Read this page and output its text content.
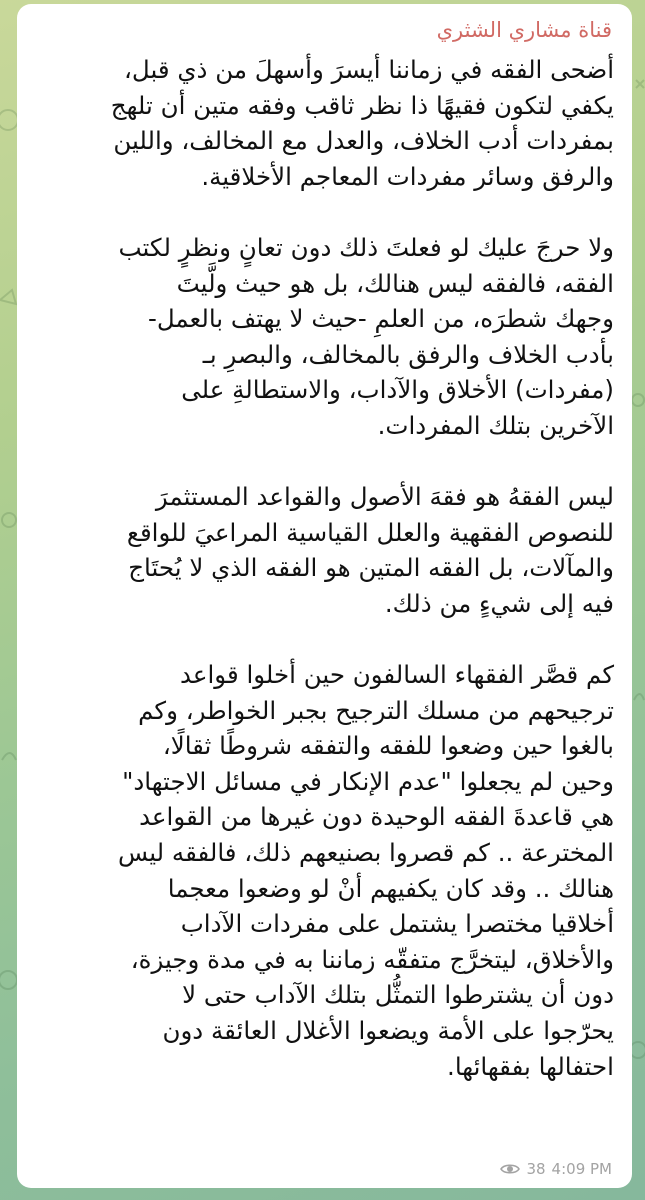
قناة مشاري الشثري

أضحى الفقه في زماننا أيسرَ وأسهلَ من ذي قبل،
يكفي لتكون فقيهًا ذا نظر ثاقب وفقه متين أن تلهج
بمفردات أدب الخلاف، والعدل مع المخالف، واللين
والرفق وسائر مفردات المعاجم الأخلاقية.

ولا حرجَ عليك لو فعلتَ ذلك دون تعانٍ ونظرٍ لكتب
الفقه، فالفقه ليس هنالك، بل هو حيث ولَّيتَ
وجهك شطرَه، من العلمِ -حيث لا يهتف بالعمل-
بأدب الخلاف والرفق بالمخالف، والبصرِ بـ
(مفردات) الأخلاق والآداب، والاستطالةِ على
الآخرين بتلك المفردات.

ليس الفقهُ هو فقهَ الأصول والقواعد المستثمرَ
للنصوص الفقهية والعلل القياسية المراعيَ للواقع
والمآلات، بل الفقه المتين هو الفقه الذي لا يُحتَاج
فيه إلى شيءٍ من ذلك.

كم قصَّر الفقهاء السالفون حين أخلوا قواعد
ترجيحهم من مسلك الترجيح بجبر الخواطر، وكم
بالغوا حين وضعوا للفقه والتفقه شروطًا ثقالًا،
وحين لم يجعلوا "عدم الإنكار في مسائل الاجتهاد"
هي قاعدةَ الفقه الوحيدة دون غيرها من القواعد
المخترعة .. كم قصروا بصنيعهم ذلك، فالفقه ليس
هنالك .. وقد كان يكفيهم أنْ لو وضعوا معجما
أخلاقيا مختصرا يشتمل على مفردات الآداب
والأخلاق، ليتخرَّج متفقّه زماننا به في مدة وجيزة،
دون أن يشترطوا التمثُّل بتلك الآداب حتى لا
يحرّجوا على الأمة ويضعوا الأغلال العائقة دون
احتفالها بفقهائها.

38 4:09 PM
